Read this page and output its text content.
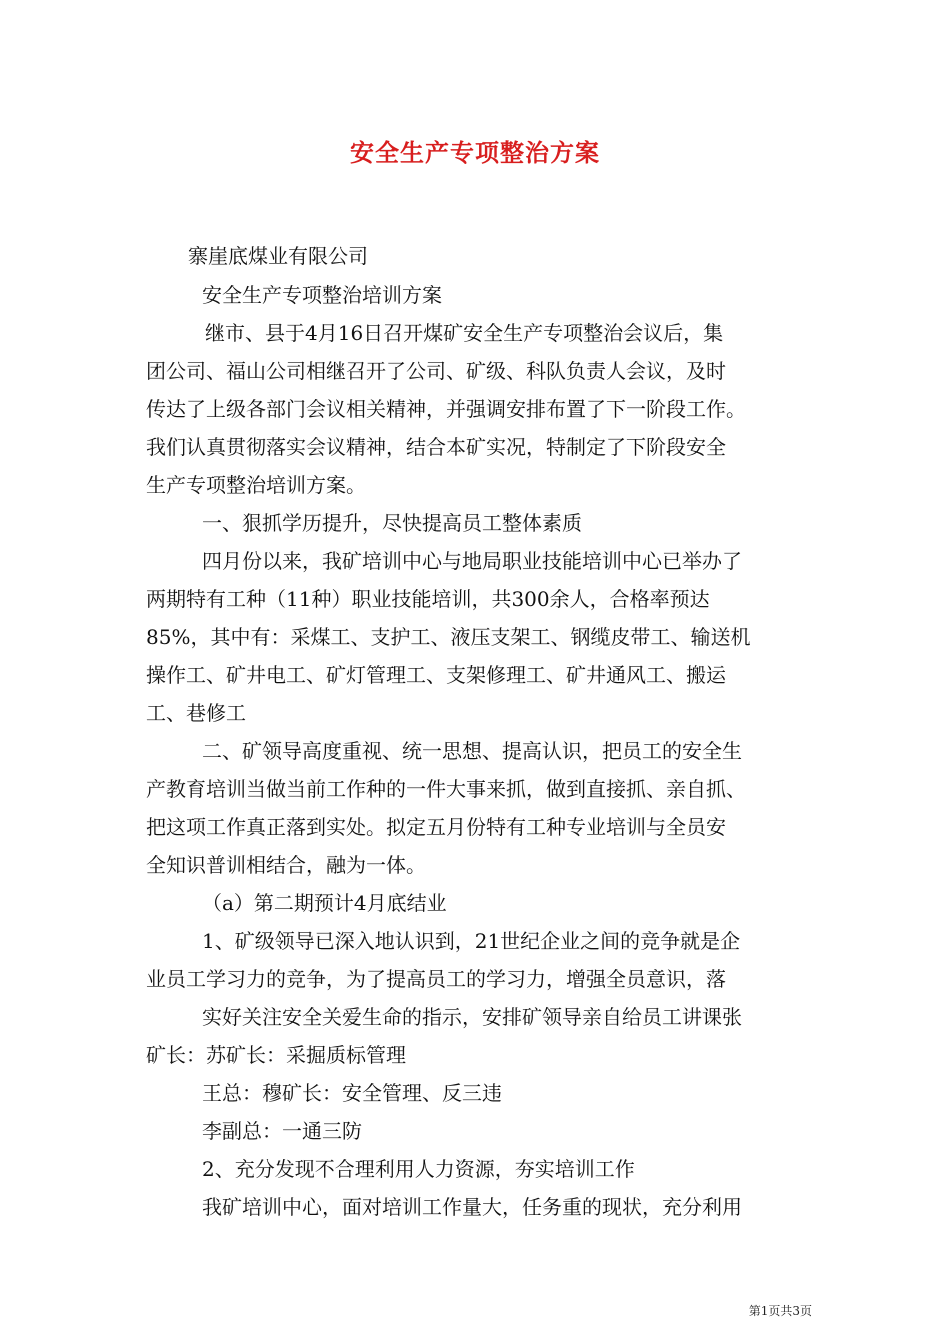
安全生产专项整治方案
寨崖底煤业有限公司
安全生产专项整治培训方案
继市、县于4月16日召开煤矿安全生产专项整治会议后，集
团公司、福山公司相继召开了公司、矿级、科队负责人会议，及时
传达了上级各部门会议相关精神，并强调安排布置了下一阶段工作。
我们认真贯彻落实会议精神，结合本矿实况，特制定了下阶段安全
生产专项整治培训方案。
一、狠抓学历提升，尽快提高员工整体素质
四月份以来，我矿培训中心与地局职业技能培训中心已举办了
两期特有工种（11种）职业技能培训，共300余人，合格率预达
85%，其中有：采煤工、支护工、液压支架工、钢缆皮带工、输送机
操作工、矿井电工、矿灯管理工、支架修理工、矿井通风工、搬运
工、巷修工
二、矿领导高度重视、统一思想、提高认识，把员工的安全生
产教育培训当做当前工作种的一件大事来抓，做到直接抓、亲自抓、
把这项工作真正落到实处。拟定五月份特有工种专业培训与全员安
全知识普训相结合，融为一体。
（a）第二期预计4月底结业
1、矿级领导已深入地认识到，21世纪企业之间的竞争就是企
业员工学习力的竞争，为了提高员工的学习力，增强全员意识，落
实好关注安全关爱生命的指示，安排矿领导亲自给员工讲课张
矿长：苏矿长：采掘质标管理
王总：穆矿长：安全管理、反三违
李副总：一通三防
2、充分发现不合理利用人力资源，夯实培训工作
我矿培训中心，面对培训工作量大，任务重的现状，充分利用
第1页共3页
